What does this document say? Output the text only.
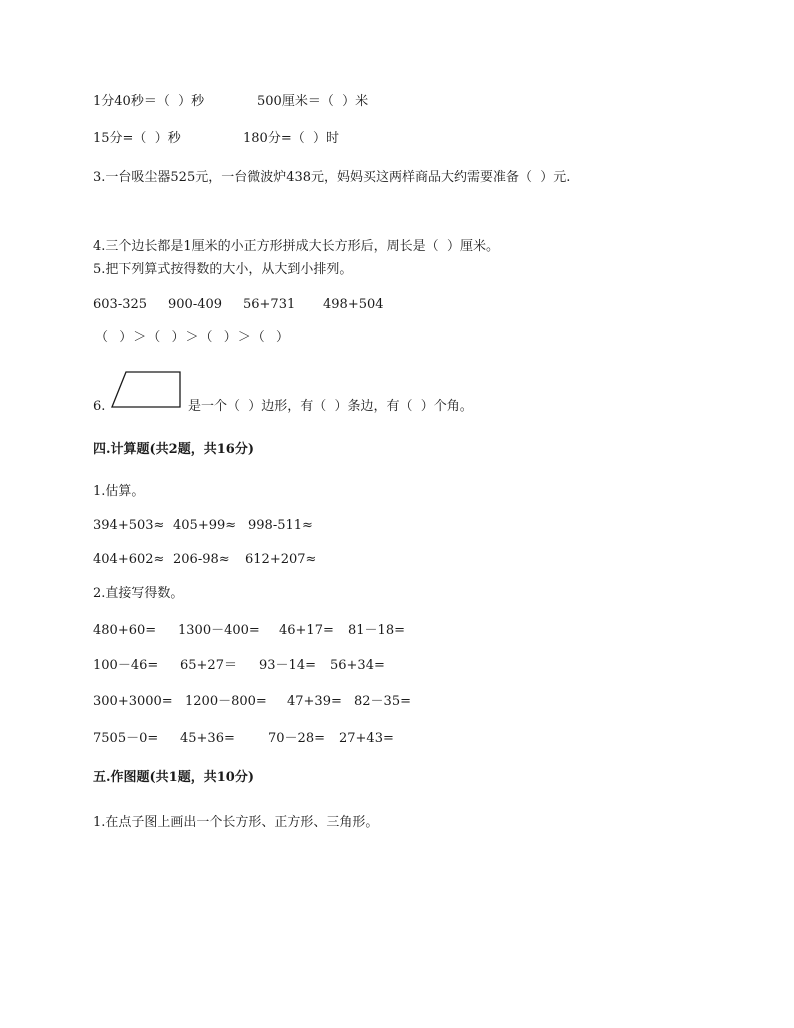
1分40秒＝（  ）秒	500厘米＝（  ）米
15分=（  ）秒	180分=（  ）时
3.一台吸尘器525元，一台微波炉438元，妈妈买这两样商品大约需要准备（  ）元.
4.三个边长都是1厘米的小正方形拼成大长方形后，周长是（  ）厘米。
5.把下列算式按得数的大小，从大到小排列。
603-325 900-409 56+731 498+504
（  ）＞（  ）＞（  ）＞（  ）
6.	是一个（  ）边形，有（  ）条边，有（  ）个角。
四.计算题(共2题，共16分)
1.估算。
394+503≈ 405+99≈ 998-511≈
404+602≈ 206-98≈ 612+207≈
2.直接写得数。
480+60= 1300－400= 46+17= 81－18=
100－46= 65+27＝ 93－14= 56+34=
300+3000= 1200－800= 47+39= 82－35=
7505－0= 45+36=	70－28= 27+43=
五.作图题(共1题，共10分)
1.在点子图上画出一个长方形、正方形、三角形。
